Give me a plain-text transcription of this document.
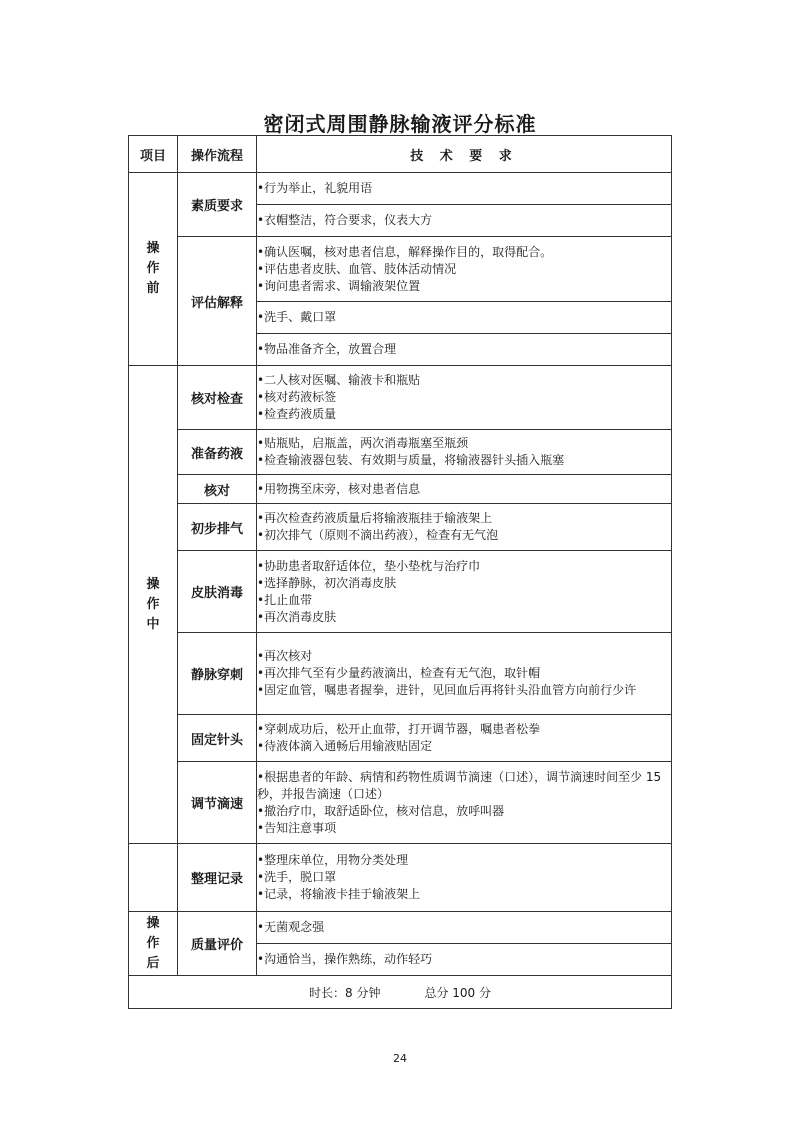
密闭式周围静脉输液评分标准
项目	操作流程	技 术 要 求

操作前	素质要求	•行为举止，礼貌用语

		•衣帽整洁，符合要求，仪表大方

	评估解释	•确认医嘱，核对患者信息，解释操作目的，取得配合。
•评估患者皮肤、血管、肢体活动情况
•询问患者需求、调输液架位置

		•洗手、戴口罩

		•物品准备齐全，放置合理

操作中	核对检查	•二人核对医嘱、输液卡和瓶贴
•核对药液标签
•检查药液质量

	准备药液	•贴瓶贴，启瓶盖，两次消毒瓶塞至瓶颈
•检查输液器包装、有效期与质量，将输液器针头插入瓶塞

	核对	•用物携至床旁，核对患者信息

	初步排气	•再次检查药液质量后将输液瓶挂于输液架上
•初次排气（原则不滴出药液），检查有无气泡

	皮肤消毒	•协助患者取舒适体位，垫小垫枕与治疗巾
•选择静脉，初次消毒皮肤
•扎止血带
•再次消毒皮肤

	静脉穿刺	•再次核对
•再次排气至有少量药液滴出，检查有无气泡，取针帽
•固定血管，嘱患者握拳，进针，见回血后再将针头沿血管方向前行少许

	固定针头	•穿刺成功后，松开止血带，打开调节器，嘱患者松拳
•待液体滴入通畅后用输液贴固定

	调节滴速	•根据患者的年龄、病情和药物性质调节滴速（口述），调节滴速时间至少 15 秒，并报告滴速（口述）
•撤治疗巾，取舒适卧位，核对信息，放呼叫器
•告知注意事项

	整理记录	•整理床单位，用物分类处理
•洗手，脱口罩
•记录，将输液卡挂于输液架上

操作后	质量评价	•无菌观念强

		•沟通恰当，操作熟练，动作轻巧

时长：8 分钟 总分 100 分		
24
